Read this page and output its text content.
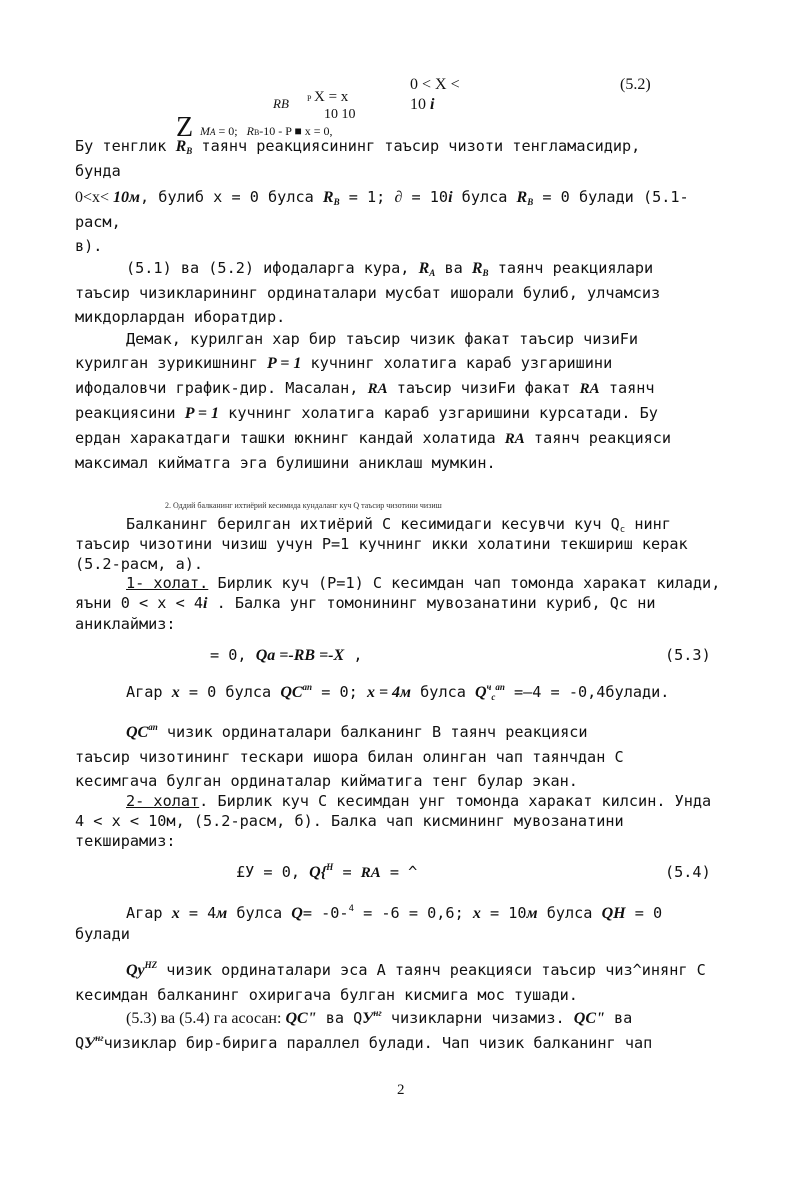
0 < X <
10 i
(5.2)
RB P X = x
10 10
Z MA = 0; RB-10 - P ■ x = 0,
Бу тенглик $R_B$ таянч реакциясининг таъсир чизоти тенгламасидир,
бунда
0<x< 10м, булиб x = 0 булса $R_B = 1$; ∂ = 10i булса $R_B = 0$ булади (5.1-
расм,
в).
(5.1) ва (5.2) ифодаларга кура, $R_A$ ва $R_B$ таянч реакциялари
таъсир чизикларининг ординаталари мусбат ишорали булиб, улчамсиз
микдорлардан иборатдир.
Демак, курилган хар бир таъсир чизик факат таъсир чизиFи
курилган зурикишнинг P = 1 кучнинг холатига караб узгаришини
ифодаловчи график-дир. Масалан, RA таъсир чизиFи факат RA таянч
реакциясини P = 1 кучнинг холатига караб узгаришини курсатади. Бу
ердан харакатдаги ташки юкнинг кандай холатида RA таянч реакцияси
максимал кийматга эга булишини аниклаш мумкин.
2. Оддий балканинг ихтиёрий кесимида кундаланг куч Q таъсир чизотини чизиш
Балканинг берилган ихтиёрий С кесимидаги кесувчи куч $Q_c$ нинг
таъсир чизотини чизиш учун P=1 кучнинг икки холатини текшириш керак
(5.2-расм, а).
1- холат. Бирлик куч (P=1) С кесимдан чап томонда харакат килади,
яъни 0 < x < 4i . Балка унг томонининг мувозанатини куриб, Qc ни
аниклаймиз:
= 0, Qa =-RB =-X ,	(5.3)
Агар x = 0 булса $QC^{an} = 0$; x = 4м булса $Q^ч_c^{an} =-4$ = -0,4булади.
$QC^{an}$ чизик ординаталари балканинг В таянч реакцияси
таъсир чизотининг тескари ишора билан олинган чап таянчдан С
кесимгача булган ординаталар кийматига тенг булар экан.
2- холат. Бирлик куч С кесимдан унг томонда харакат килсин. Унда
4 < x < 10м, (5.2-расм, б). Балка чап кисмининг мувозанатини
текширамиз:
£У = 0, Q{$^H$ = RA = ^	(5.4)
Агар x = 4м булса Q= -0-$^4$ = -6 = 0,6; x = 10м булса QH = 0
булади
$Qy^{HZ}$ чизик ординаталари эса А таянч реакцияси таъсир чиз^инянг С
кесимдан балканинг охиригача булган кисмига мос тушади.
(5.3) ва (5.4) га асосан: QC" ва $QУ^{нг}$ чизикларни чизамиз. QC" ва
$QУ^{нг}чизиклар$ бир-бирига параллел булади. Чап чизик балканинг чап
2
